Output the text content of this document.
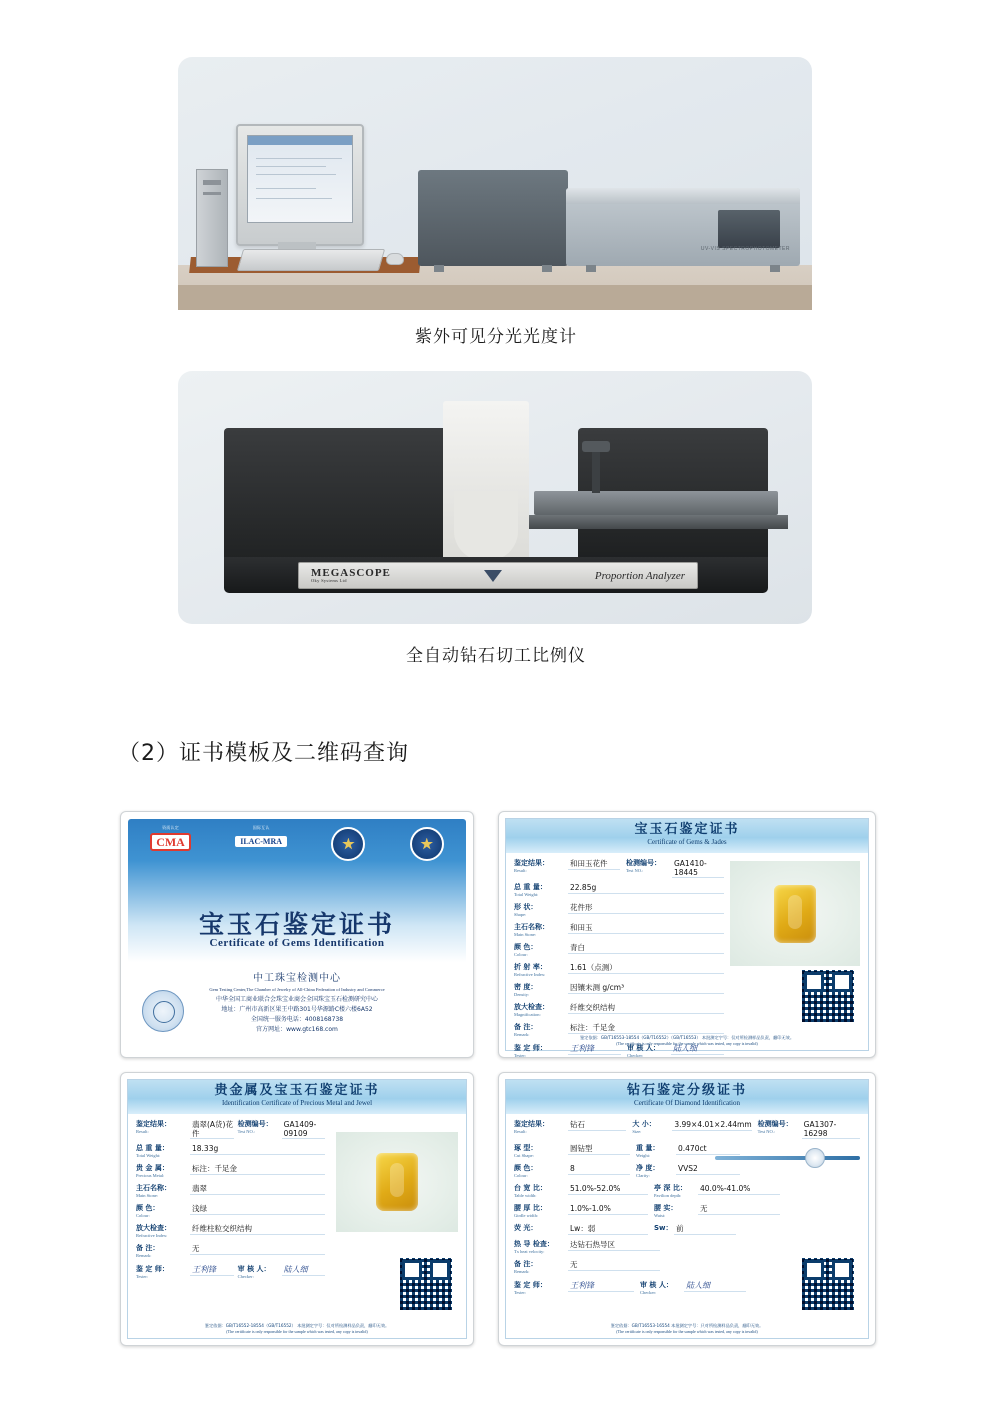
UV-VIS SPECTROPHOTOMETER
紫外可见分光光度计
MEGASCOPE
Oky Systems Ltd	Proportion Analyzer
全自动钻石切工比例仪
（2）证书模板及二维码查询
资质认定
CMA
国际互认
ILAC-MRA
宝玉石鉴定证书
Certificate of Gems Identification
中工珠宝检测中心
Gem Testing Center,The Chamber of Jewelry of All-China Federation of Industry and Commerce
中华全国工商业联合会珠宝业商会全国珠宝玉石检测研究中心
地址：广州市高新区果王中路301号华源路C楼六楼6A52
全国统一服务电话：4008168738
官方网址：www.gtc168.com
宝玉石鉴定证书
Certificate of Gems & Jades
鉴定结果：
Result:
和田玉花件	检测编号：
Test NO.:
GA1410-18445
总 重 量：
Total Weight:
22.85g
形 状：
Shape:
花件形
主石名称：
Main Stone:
和田玉
颜 色：
Colour:
青白
折 射 率：
Refractive Index:
1.61（点测）
密 度：
Density:
因镶未测 g/cm³
放大检查：
Magnification:
纤维交织结构
备 注：
Remark:
标注：千足金
鉴 定 师：
Tester:
王利锋	审 核 人：
Checker:
陆人细
鉴定依据：GB/T16553-18554（GB/T16552）（GB/T16553） 本批测定字号：仅对所检测样品负责，翻印无效。
(The certificate is only responsible for the sample which was tested, any copy is invalid)
贵金属及宝玉石鉴定证书
Identification Certificate of Precious Metal and Jewel
鉴定结果：
Result:
翡翠(A货)花件
检测编号：
Test NO.:
GA1409-09109
总 重 量：
Total Weight:
18.33g
贵 金 属：
Precious Metal:
标注：千足金
主石名称：
Main Stone:
翡翠
颜 色：
Colour:
浅绿
放大检查：
Refractive Index:
纤维柱粒交织结构
备 注：
Remark:
无
鉴 定 师：
Tester:
王利锋	审 核 人：
Checker:
陆人细
鉴定依据：GB/T16552-18554（GB/T16552） 本批测定字号：仅对所检测样品负责，翻印无效。
(The certificate is only responsible for the sample which was tested, any copy is invalid)
钻石鉴定分级证书
Certificate Of Diamond Identification
鉴定结果：
Result:
钻石	大 小：
Size:
3.99×4.01×2.44mm 检测编号：
Test NO.:
GA1307-16298
琢 型：
Cut Shape:
圆钻型	重 量：
Weight:
0.470ct
颜 色：
Colour:
8	净 度：
Clarity:
VVS2
台 宽 比：
Table width:
51.0%-52.0%	亭 深 比：
Pavilion depth:
40.0%-41.0%
腰 厚 比：
Girdle width:
1.0%-1.0%	腰 实：
Waist:
无
荧 光：	Lw：弱	Sw： 前
热 导 检查：
Tx heat velocity:
达钻石热导区
备 注：
Remark:
无
鉴 定 师：
Tester:
王利锋	审 核 人：
Checker:
陆人细
鉴定依据：GB/T16553-16554 本批测定字号：只对所检测样品负责，翻印无效。
(The certificate is only responsible for the sample which was tested, any copy is invalid)
